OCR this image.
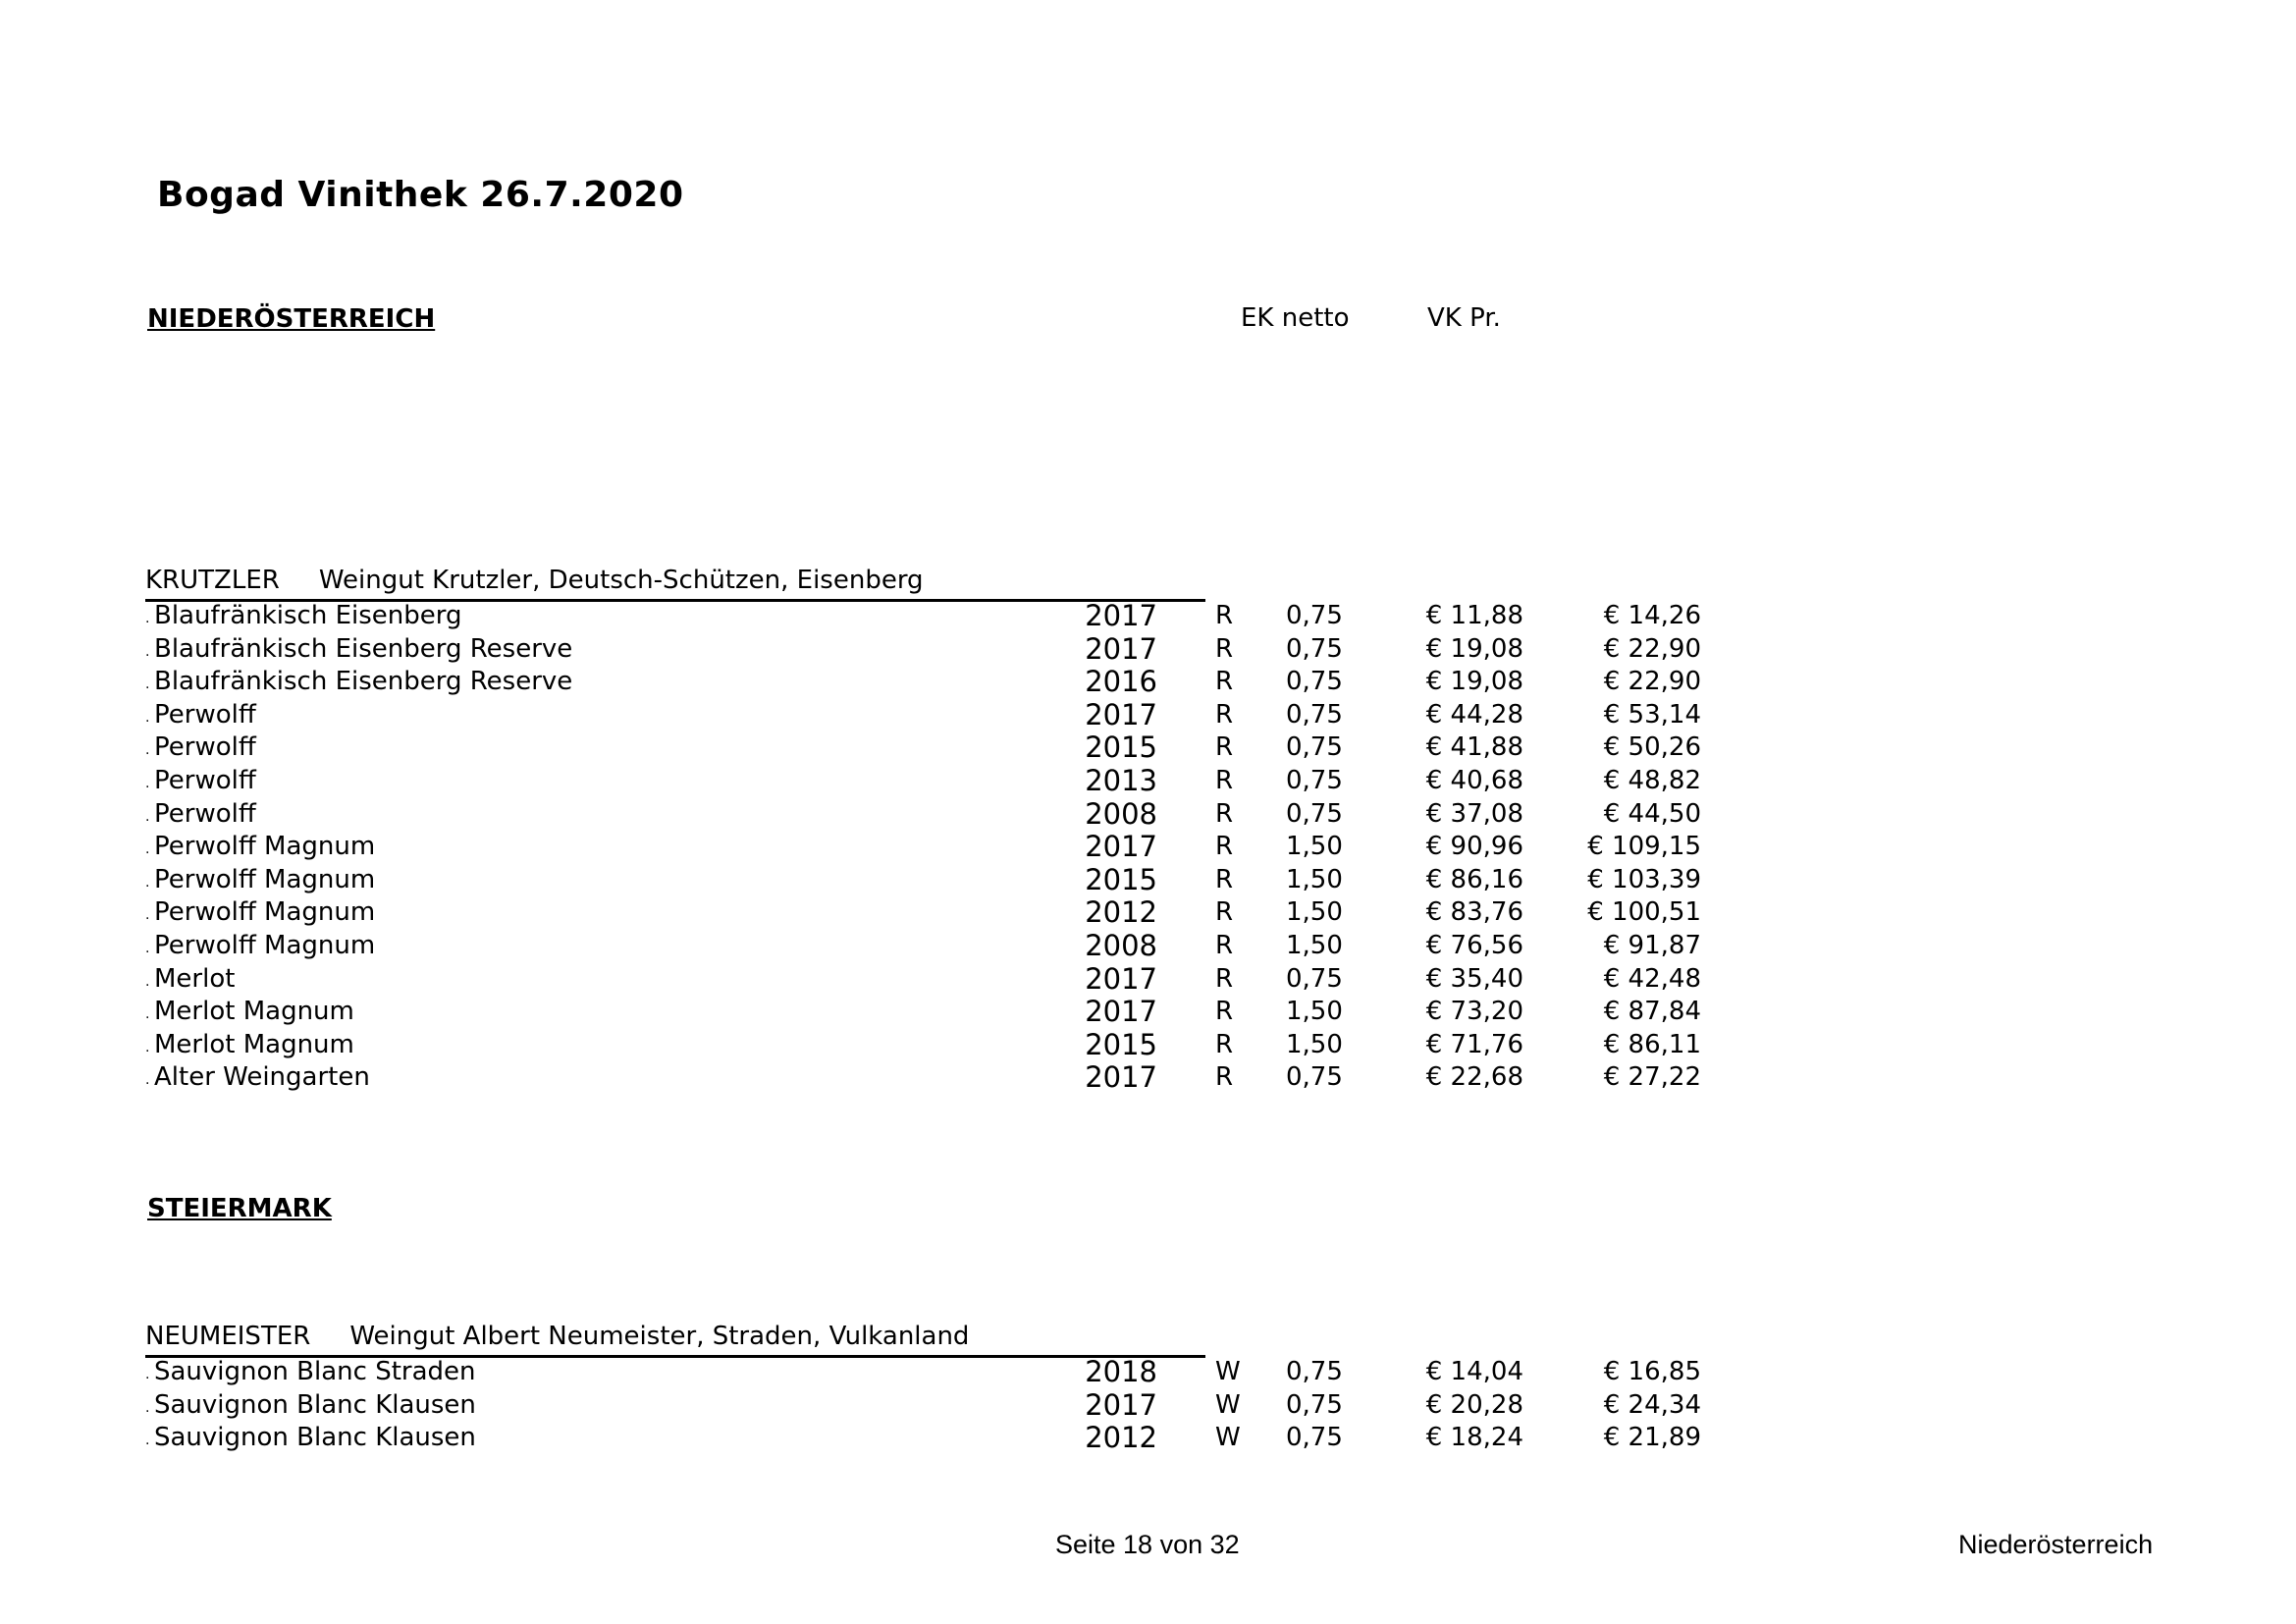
Bogad Vinithek 26.7.2020
NIEDERÖSTERREICH	EK netto	VK Pr.
KRUTZLER Weingut Krutzler, Deutsch-Schützen, Eisenberg
. Blaufränkisch Eisenberg	2017 R 0,75	€ 11,88	€ 14,26
. Blaufränkisch Eisenberg Reserve	2017 R 0,75	€ 19,08	€ 22,90
. Blaufränkisch Eisenberg Reserve	2016 R 0,75	€ 19,08	€ 22,90
. Perwolff	2017 R 0,75	€ 44,28	€ 53,14
. Perwolff	2015 R 0,75	€ 41,88	€ 50,26
. Perwolff	2013 R 0,75	€ 40,68	€ 48,82
. Perwolff	2008 R 0,75	€ 37,08	€ 44,50
. Perwolff Magnum	2017 R 1,50	€ 90,96	€ 109,15
. Perwolff Magnum	2015 R 1,50	€ 86,16	€ 103,39
. Perwolff Magnum	2012 R 1,50	€ 83,76	€ 100,51
. Perwolff Magnum	2008 R 1,50	€ 76,56	€ 91,87
. Merlot	2017 R 0,75	€ 35,40	€ 42,48
. Merlot Magnum	2017 R 1,50	€ 73,20	€ 87,84
. Merlot Magnum	2015 R 1,50	€ 71,76	€ 86,11
. Alter Weingarten	2017 R 0,75	€ 22,68	€ 27,22
STEIERMARK
NEUMEISTER Weingut Albert Neumeister, Straden, Vulkanland
. Sauvignon Blanc Straden	2018 W 0,75	€ 14,04	€ 16,85
. Sauvignon Blanc Klausen	2017 W 0,75	€ 20,28	€ 24,34
. Sauvignon Blanc Klausen	2012 W 0,75	€ 18,24	€ 21,89
Seite 18 von 32	Niederösterreich
